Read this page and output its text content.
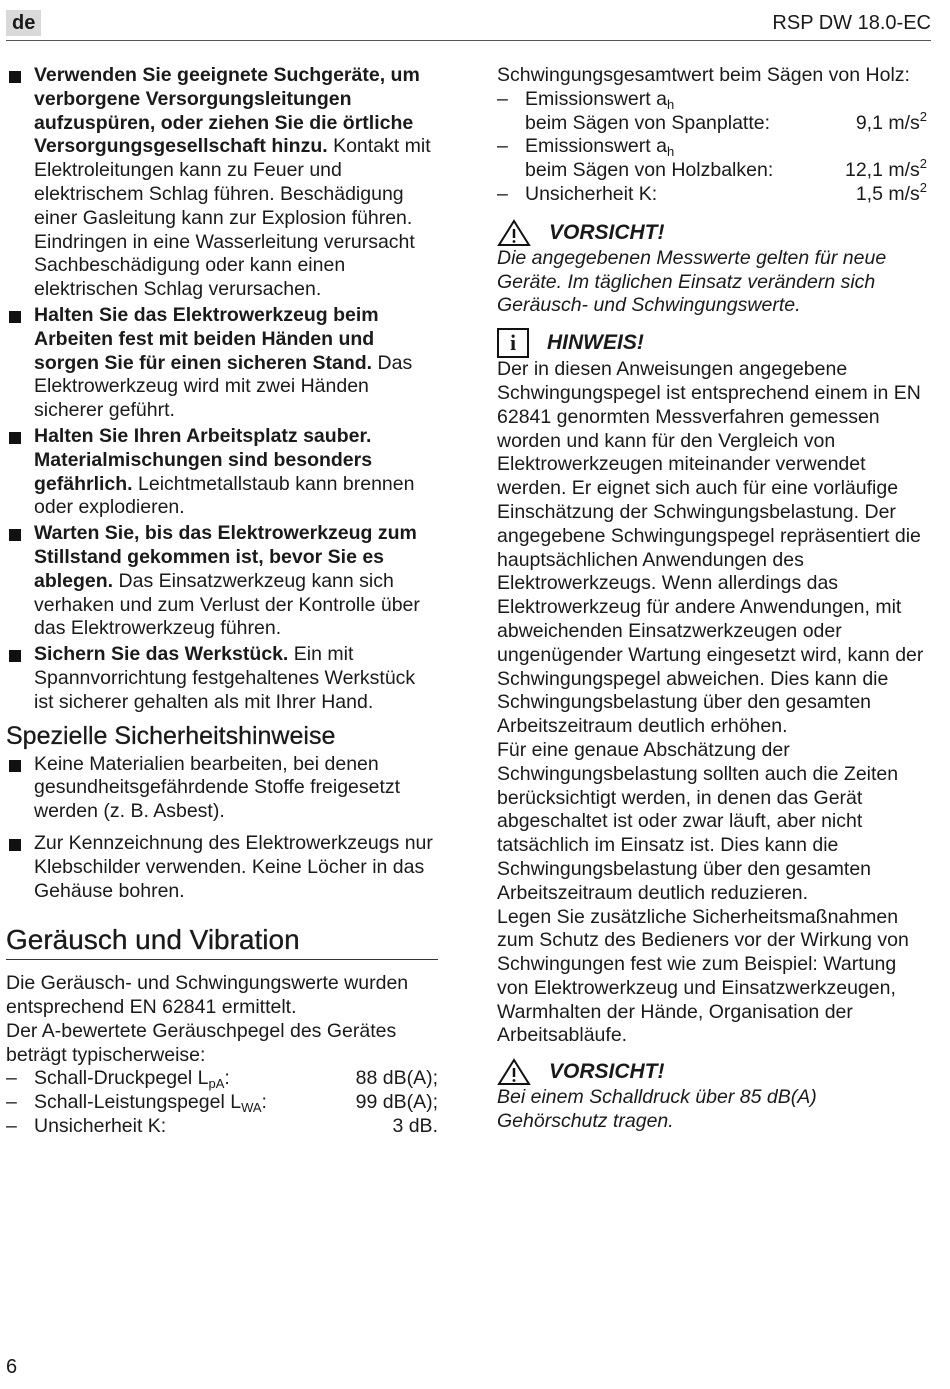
de	RSP DW 18.0-EC
Verwenden Sie geeignete Suchgeräte, um verborgene Versorgungsleitungen aufzuspüren, oder ziehen Sie die örtliche Versorgungsgesellschaft hinzu. Kontakt mit Elektroleitungen kann zu Feuer und elektrischem Schlag führen. Beschädigung einer Gasleitung kann zur Explosion führen. Eindringen in eine Wasserleitung verursacht Sachbeschädigung oder kann einen elektrischen Schlag verursachen.
Halten Sie das Elektrowerkzeug beim Arbeiten fest mit beiden Händen und sorgen Sie für einen sicheren Stand. Das Elektrowerkzeug wird mit zwei Händen sicherer geführt.
Halten Sie Ihren Arbeitsplatz sauber. Materialmischungen sind besonders gefährlich. Leichtmetallstaub kann brennen oder explodieren.
Warten Sie, bis das Elektrowerkzeug zum Stillstand gekommen ist, bevor Sie es ablegen. Das Einsatzwerkzeug kann sich verhaken und zum Verlust der Kontrolle über das Elektrowerkzeug führen.
Sichern Sie das Werkstück. Ein mit Spannvorrichtung festgehaltenes Werkstück ist sicherer gehalten als mit Ihrer Hand.
Spezielle Sicherheitshinweise
Keine Materialien bearbeiten, bei denen gesundheitsgefährdende Stoffe freigesetzt werden (z. B. Asbest).
Zur Kennzeichnung des Elektrowerkzeugs nur Klebschilder verwenden. Keine Löcher in das Gehäuse bohren.
Geräusch und Vibration
Die Geräusch- und Schwingungswerte wurden entsprechend EN 62841 ermittelt.
Der A-bewertete Geräuschpegel des Gerätes beträgt typischerweise:
– Schall-Druckpegel $L_{pA}$:	88 dB(A);
– Schall-Leistungspegel $L_{WA}$:	99 dB(A);
– Unsicherheit K:	3 dB.
Schwingungsgesamtwert beim Sägen von Holz:
– Emissionswert $a_h$
beim Sägen von Spanplatte:	9,1 $m/s^2$
– Emissionswert $a_h$
beim Sägen von Holzbalken:	12,1 $m/s^2$
– Unsicherheit K:	1,5 $m/s^2$
VORSICHT!
Die angegebenen Messwerte gelten für neue Geräte. Im täglichen Einsatz verändern sich Geräusch- und Schwingungswerte.
i	HINWEIS!
Der in diesen Anweisungen angegebene Schwingungspegel ist entsprechend einem in EN 62841 genormten Messverfahren gemessen worden und kann für den Vergleich von Elektrowerkzeugen miteinander verwendet werden. Er eignet sich auch für eine vorläufige Einschätzung der Schwingungsbelastung. Der angegebene Schwingungspegel repräsentiert die hauptsächlichen Anwendungen des Elektrowerkzeugs. Wenn allerdings das Elektrowerkzeug für andere Anwendungen, mit abweichenden Einsatzwerkzeugen oder ungenügender Wartung eingesetzt wird, kann der Schwingungspegel abweichen. Dies kann die Schwingungsbelastung über den gesamten Arbeitszeitraum deutlich erhöhen.
Für eine genaue Abschätzung der Schwingungsbelastung sollten auch die Zeiten berücksichtigt werden, in denen das Gerät abgeschaltet ist oder zwar läuft, aber nicht tatsächlich im Einsatz ist. Dies kann die Schwingungsbelastung über den gesamten Arbeitszeitraum deutlich reduzieren.
Legen Sie zusätzliche Sicherheitsmaßnahmen zum Schutz des Bedieners vor der Wirkung von Schwingungen fest wie zum Beispiel: Wartung von Elektrowerkzeug und Einsatzwerkzeugen, Warmhalten der Hände, Organisation der Arbeitsabläufe.
VORSICHT!
Bei einem Schalldruck über 85 dB(A) Gehörschutz tragen.
6
